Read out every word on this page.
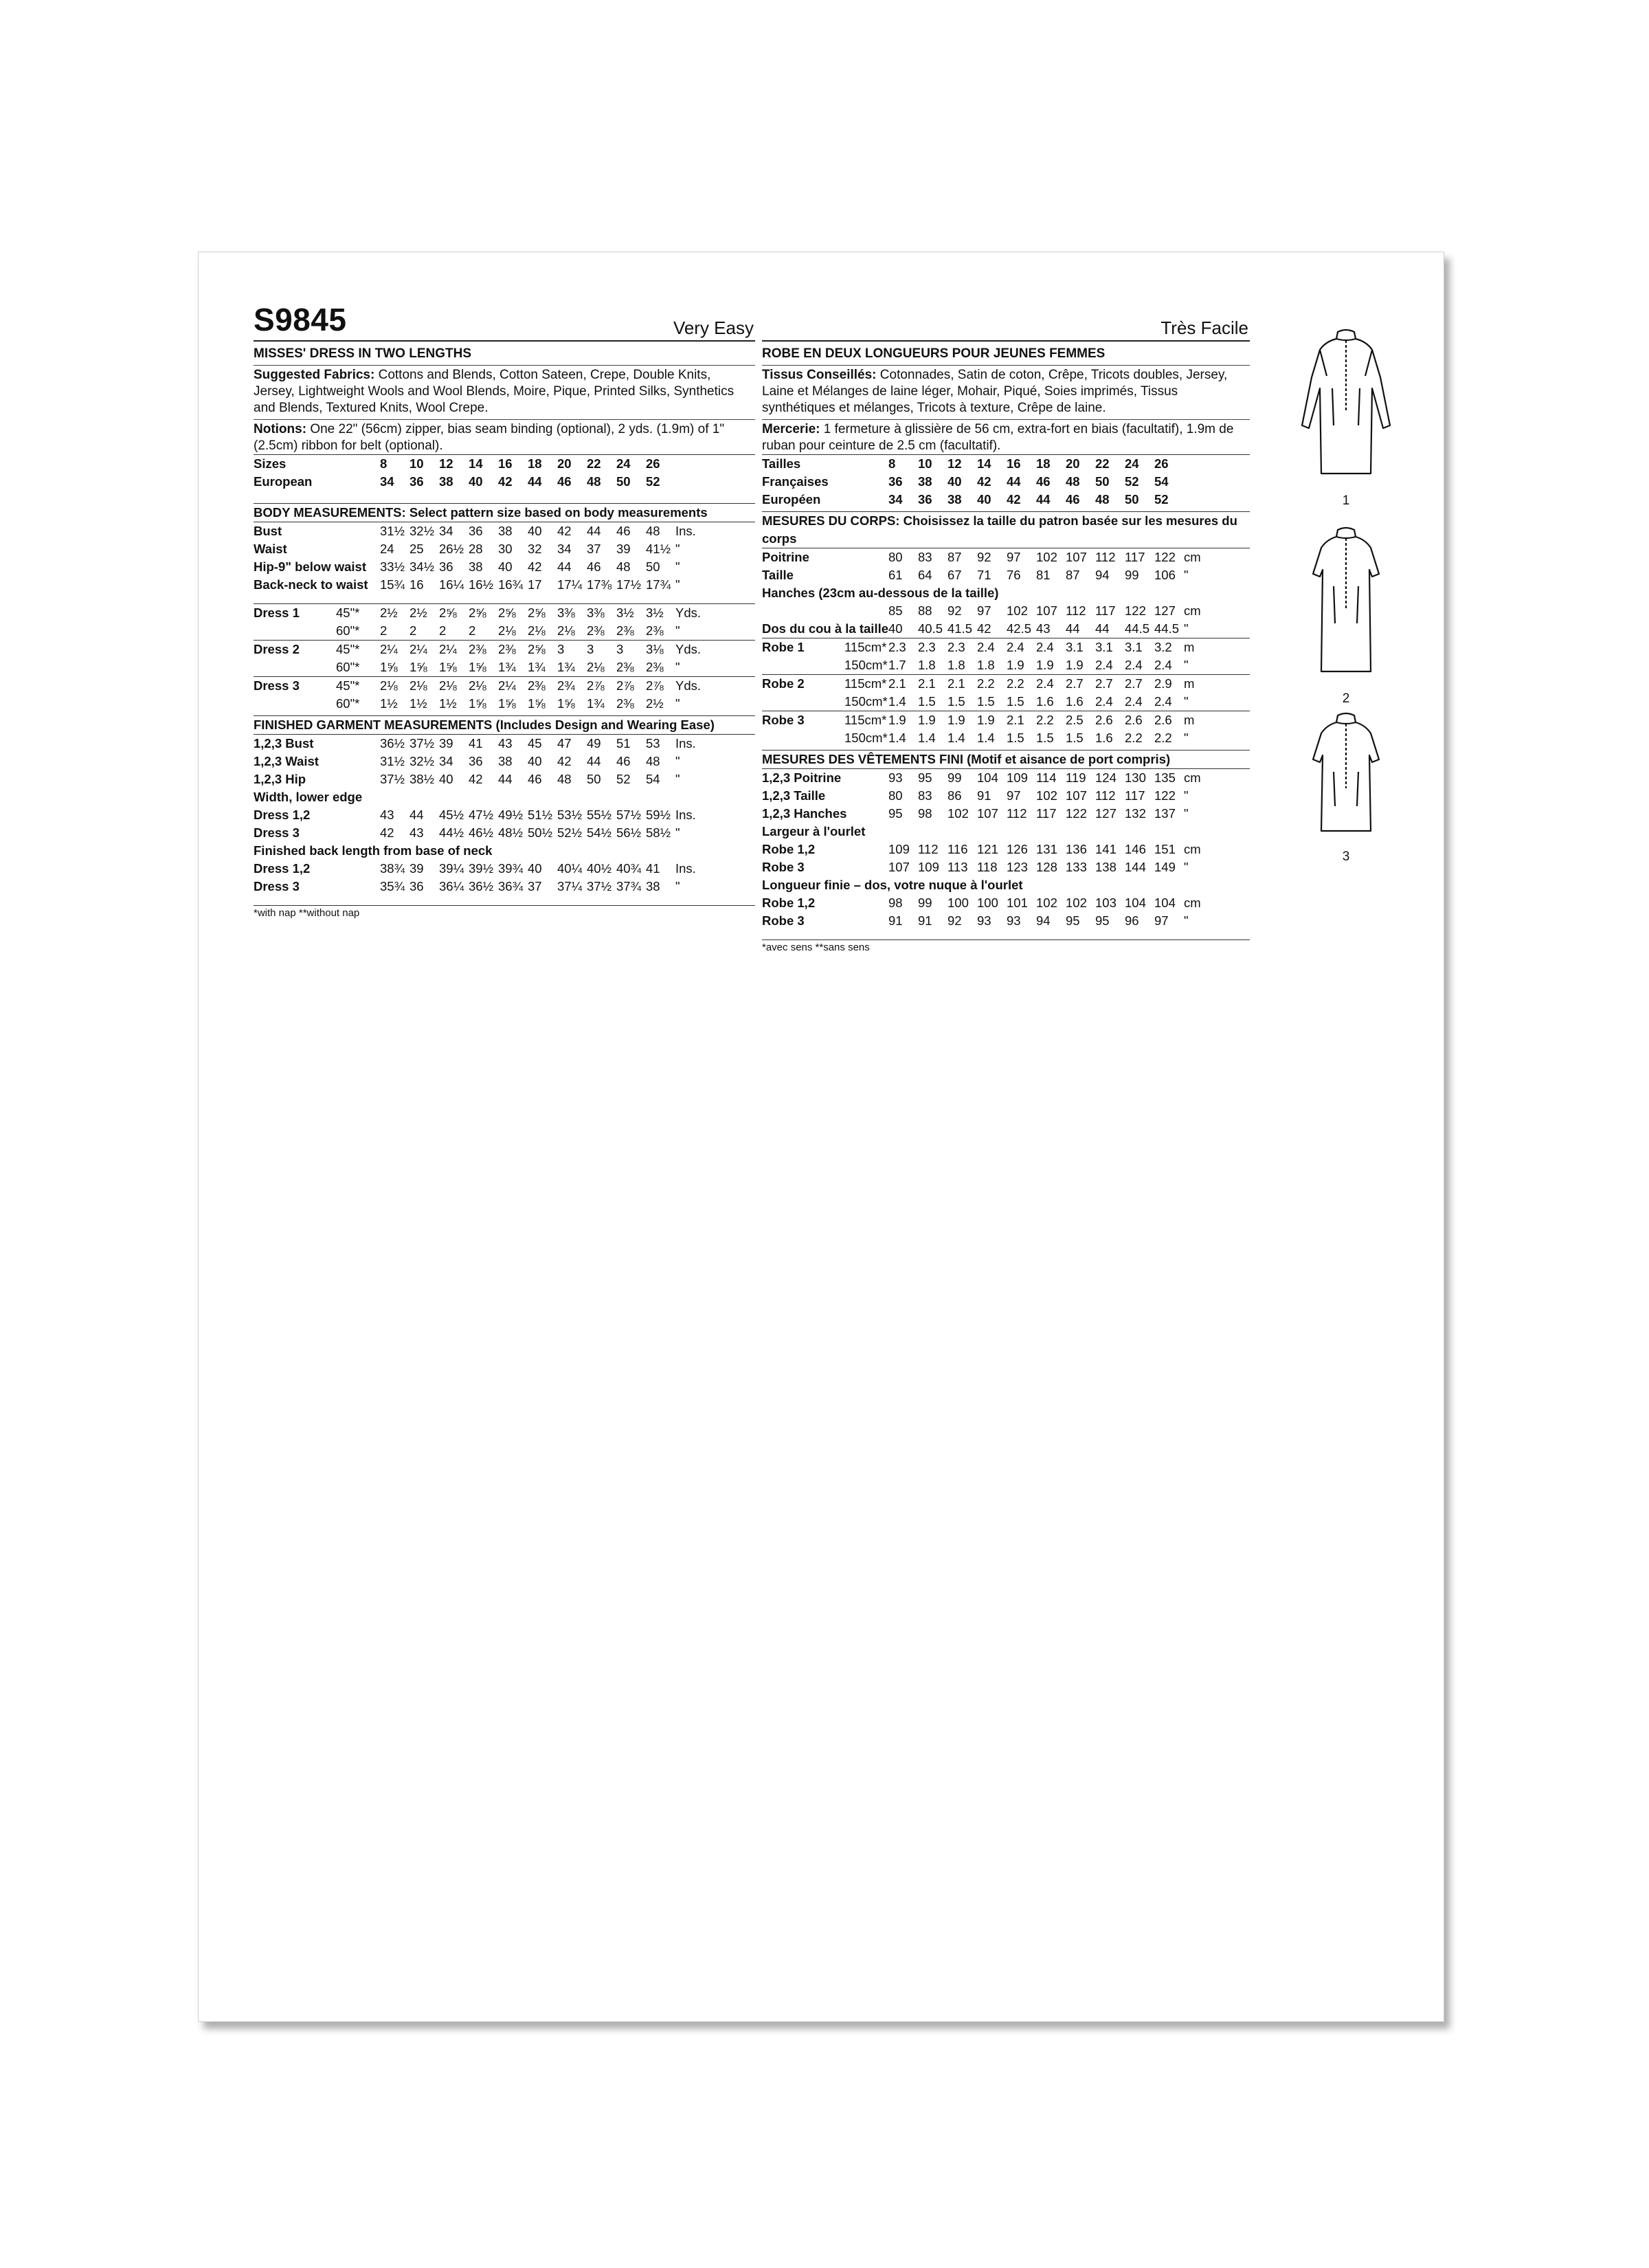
S9845	Very Easy
MISSES' DRESS IN TWO LENGTHS
Suggested Fabrics: Cottons and Blends, Cotton Sateen, Crepe, Double Knits, Jersey, Lightweight Wools and Wool Blends, Moire, Pique, Printed Silks, Synthetics and Blends, Textured Knits, Wool Crepe.
Notions: One 22" (56cm) zipper, bias seam binding (optional), 2 yds. (1.9m) of 1" (2.5cm) ribbon for belt (optional).
Sizes		8	10	12	14	16	18	20	22	24	26	
European		34	36	38	40	42	44	46	48	50	52	
BODY MEASUREMENTS: Select pattern size based on body measurements
Bust		31½	32½	34	36	38	40	42	44	46	48	Ins.
Waist		24	25	26½	28	30	32	34	37	39	41½	"
Hip-9" below waist		33½	34½	36	38	40	42	44	46	48	50	"
Back-neck to waist		15¾	16	16¼	16½	16¾	17	17¼	17⅜	17½	17¾	"
Dress 1	45"*	2½	2½	2⅝	2⅝	2⅝	2⅝	3⅜	3⅜	3½	3½	Yds.
	60"*	2	2	2	2	2⅛	2⅛	2⅛	2⅜	2⅜	2⅜	"
Dress 2	45"*	2¼	2¼	2¼	2⅜	2⅜	2⅝	3	3	3	3⅛	Yds.
	60"*	1⅝	1⅝	1⅝	1⅝	1¾	1¾	1¾	2⅛	2⅜	2⅜	"
Dress 3	45"*	2⅛	2⅛	2⅛	2⅛	2¼	2⅜	2¾	2⅞	2⅞	2⅞	Yds.
	60"*	1½	1½	1½	1⅝	1⅝	1⅝	1⅝	1¾	2⅜	2½	"
FINISHED GARMENT MEASUREMENTS (Includes Design and Wearing Ease)
1,2,3 Bust		36½	37½	39	41	43	45	47	49	51	53	Ins.
1,2,3 Waist		31½	32½	34	36	38	40	42	44	46	48	"
1,2,3 Hip		37½	38½	40	42	44	46	48	50	52	54	"
Width, lower edge												
Dress 1,2		43	44	45½	47½	49½	51½	53½	55½	57½	59½	Ins.
Dress 3		42	43	44½	46½	48½	50½	52½	54½	56½	58½	"
Finished back length from base of neck												
Dress 1,2		38¾	39	39¼	39½	39¾	40	40¼	40½	40¾	41	Ins.
Dress 3		35¾	36	36¼	36½	36¾	37	37¼	37½	37¾	38	"
*with nap **without nap
Très Facile
ROBE EN DEUX LONGUEURS POUR JEUNES FEMMES
Tissus Conseillés: Cotonnades, Satin de coton, Crêpe, Tricots doubles, Jersey, Laine et Mélanges de laine léger, Mohair, Piqué, Soies imprimés, Tissus synthétiques et mélanges, Tricots à texture, Crêpe de laine.
Mercerie: 1 fermeture à glissière de 56 cm, extra-fort en biais (facultatif), 1.9m de ruban pour ceinture de 2.5 cm (facultatif).
Tailles		8	10	12	14	16	18	20	22	24	26	
Françaises		36	38	40	42	44	46	48	50	52	54	
Européen		34	36	38	40	42	44	46	48	50	52	
MESURES DU CORPS: Choisissez la taille du patron basée sur les mesures du corps
Poitrine		80	83	87	92	97	102	107	112	117	122	cm
Taille		61	64	67	71	76	81	87	94	99	106	"
Hanches (23cm au-dessous de la taille)												
		85	88	92	97	102	107	112	117	122	127	cm
Dos du cou à la taille		40	40.5	41.5	42	42.5	43	44	44	44.5	44.5	"
Robe 1	115cm*	2.3	2.3	2.3	2.4	2.4	2.4	3.1	3.1	3.1	3.2	m
	150cm*	1.7	1.8	1.8	1.8	1.9	1.9	1.9	2.4	2.4	2.4	"
Robe 2	115cm*	2.1	2.1	2.1	2.2	2.2	2.4	2.7	2.7	2.7	2.9	m
	150cm*	1.4	1.5	1.5	1.5	1.5	1.6	1.6	2.4	2.4	2.4	"
Robe 3	115cm*	1.9	1.9	1.9	1.9	2.1	2.2	2.5	2.6	2.6	2.6	m
	150cm*	1.4	1.4	1.4	1.4	1.5	1.5	1.5	1.6	2.2	2.2	"
MESURES DES VÊTEMENTS FINI (Motif et aisance de port compris)
1,2,3 Poitrine		93	95	99	104	109	114	119	124	130	135	cm
1,2,3 Taille		80	83	86	91	97	102	107	112	117	122	"
1,2,3 Hanches		95	98	102	107	112	117	122	127	132	137	"
Largeur à l'ourlet												
Robe 1,2		109	112	116	121	126	131	136	141	146	151	cm
Robe 3		107	109	113	118	123	128	133	138	144	149	"
Longueur finie – dos, votre nuque à l'ourlet												
Robe 1,2		98	99	100	100	101	102	102	103	104	104	cm
Robe 3		91	91	92	93	93	94	95	95	96	97	"
*avec sens **sans sens
1
2
3
